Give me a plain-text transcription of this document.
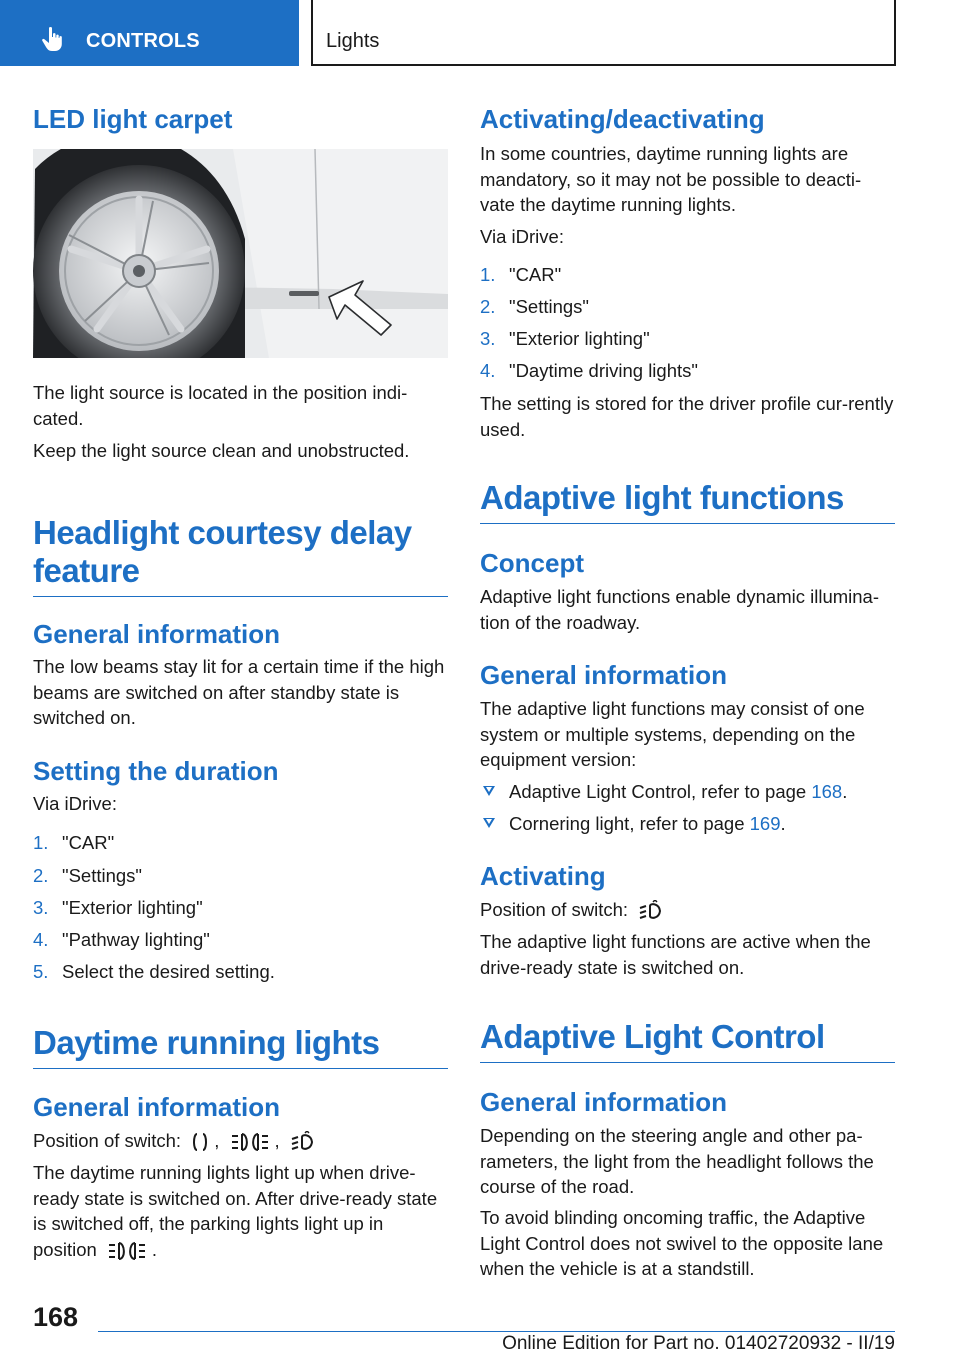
CONTROLS	Lights
LED light carpet
The light source is located in the position indi-cated.
Keep the light source clean and unobstructed.
Headlight courtesy delay feature
General information
The low beams stay lit for a certain time if the high beams are switched on after standby state is switched on.
Setting the duration
Via iDrive:
1. "CAR"
2. "Settings"
3. "Exterior lighting"
4. "Pathway lighting"
5. Select the desired setting.
Daytime running lights
General information
Position of switch: ,	,
The daytime running lights light up when drive-ready state is switched on. After drive-ready state is switched off, the parking lights light up in position	.
Activating/deactivating
In some countries, daytime running lights are mandatory, so it may not be possible to deacti-vate the daytime running lights.
Via iDrive:
1. "CAR"
2. "Settings"
3. "Exterior lighting"
4. "Daytime driving lights"
The setting is stored for the driver profile cur-rently used.
Adaptive light functions
Concept
Adaptive light functions enable dynamic illumina-tion of the roadway.
General information
The adaptive light functions may consist of one system or multiple systems, depending on the equipment version:
Adaptive Light Control, refer to page 168.
Cornering light, refer to page 169.
Activating
Position of switch:
The adaptive light functions are active when the drive-ready state is switched on.
Adaptive Light Control
General information
Depending on the steering angle and other pa-rameters, the light from the headlight follows the course of the road.
To avoid blinding oncoming traffic, the Adaptive Light Control does not swivel to the opposite lane when the vehicle is at a standstill.
168
Online Edition for Part no. 01402720932 - II/19
